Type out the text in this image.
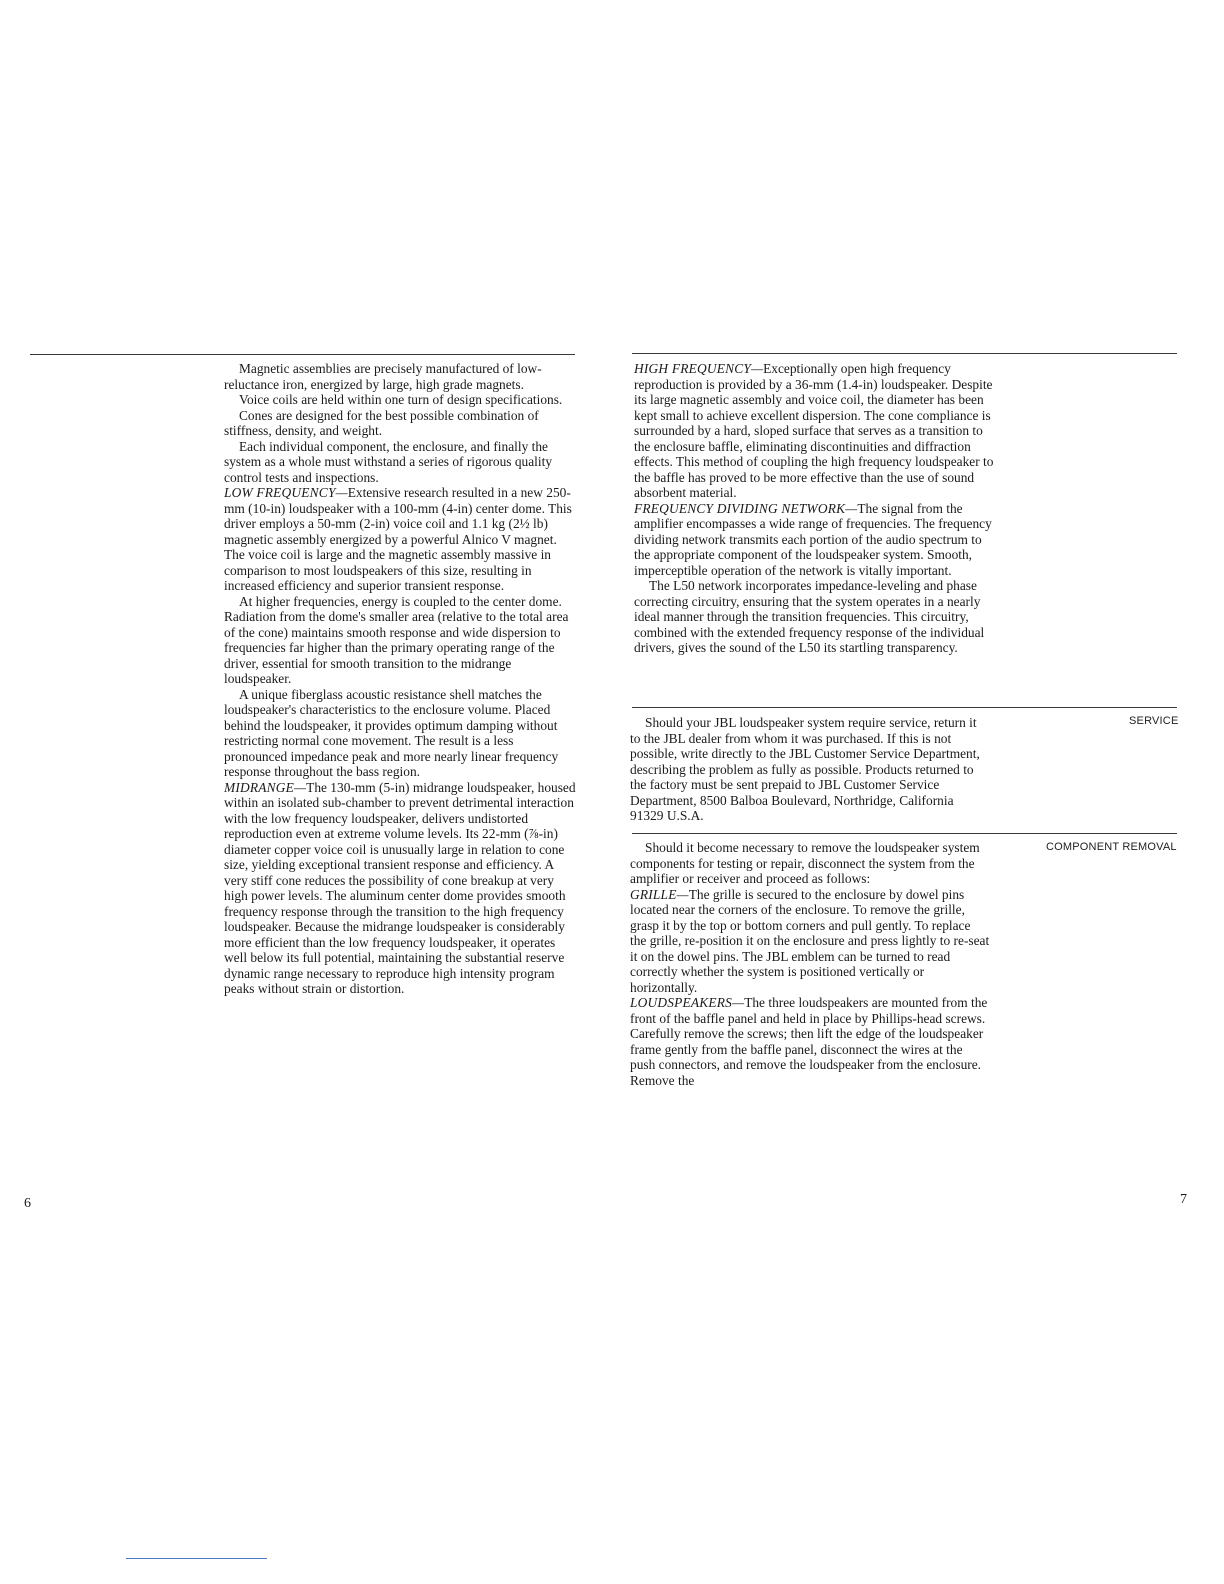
Magnetic assemblies are precisely manufactured of low-reluctance iron, energized by large, high grade magnets.

Voice coils are held within one turn of design specifications.

Cones are designed for the best possible combination of stiffness, density, and weight.

Each individual component, the enclosure, and finally the system as a whole must withstand a series of rigorous quality control tests and inspections.

LOW FREQUENCY—Extensive research resulted in a new 250-mm (10-in) loudspeaker with a 100-mm (4-in) center dome. This driver employs a 50-mm (2-in) voice coil and 1.1 kg (2½ lb) magnetic assembly energized by a powerful Alnico V magnet. The voice coil is large and the magnetic assembly massive in comparison to most loudspeakers of this size, resulting in increased efficiency and superior transient response.

At higher frequencies, energy is coupled to the center dome. Radiation from the dome's smaller area (relative to the total area of the cone) maintains smooth response and wide dispersion to frequencies far higher than the primary operating range of the driver, essential for smooth transition to the midrange loudspeaker.

A unique fiberglass acoustic resistance shell matches the loudspeaker's characteristics to the enclosure volume. Placed behind the loudspeaker, it provides optimum damping without restricting normal cone movement. The result is a less pronounced impedance peak and more nearly linear frequency response throughout the bass region.

MIDRANGE—The 130-mm (5-in) midrange loudspeaker, housed within an isolated sub-chamber to prevent detrimental interaction with the low frequency loudspeaker, delivers undistorted reproduction even at extreme volume levels. Its 22-mm (⅞-in) diameter copper voice coil is unusually large in relation to cone size, yielding exceptional transient response and efficiency. A very stiff cone reduces the possibility of cone breakup at very high power levels. The aluminum center dome provides smooth frequency response through the transition to the high frequency loudspeaker. Because the midrange loudspeaker is considerably more efficient than the low frequency loudspeaker, it operates well below its full potential, maintaining the substantial reserve dynamic range necessary to reproduce high intensity program peaks without strain or distortion.

HIGH FREQUENCY—Exceptionally open high frequency reproduction is provided by a 36-mm (1.4-in) loudspeaker. Despite its large magnetic assembly and voice coil, the diameter has been kept small to achieve excellent dispersion. The cone compliance is surrounded by a hard, sloped surface that serves as a transition to the enclosure baffle, eliminating discontinuities and diffraction effects. This method of coupling the high frequency loudspeaker to the baffle has proved to be more effective than the use of sound absorbent material.

FREQUENCY DIVIDING NETWORK—The signal from the amplifier encompasses a wide range of frequencies. The frequency dividing network transmits each portion of the audio spectrum to the appropriate component of the loudspeaker system. Smooth, imperceptible operation of the network is vitally important.

The L50 network incorporates impedance-leveling and phase correcting circuitry, ensuring that the system operates in a nearly ideal manner through the transition frequencies. This circuitry, combined with the extended frequency response of the individual drivers, gives the sound of the L50 its startling transparency.

SERVICE

Should your JBL loudspeaker system require service, return it to the JBL dealer from whom it was purchased. If this is not possible, write directly to the JBL Customer Service Department, describing the problem as fully as possible. Products returned to the factory must be sent prepaid to JBL Customer Service Department, 8500 Balboa Boulevard, Northridge, California 91329 U.S.A.

COMPONENT REMOVAL

Should it become necessary to remove the loudspeaker system components for testing or repair, disconnect the system from the amplifier or receiver and proceed as follows:

GRILLE—The grille is secured to the enclosure by dowel pins located near the corners of the enclosure. To remove the grille, grasp it by the top or bottom corners and pull gently. To replace the grille, re-position it on the enclosure and press lightly to re-seat it on the dowel pins. The JBL emblem can be turned to read correctly whether the system is positioned vertically or horizontally.

LOUDSPEAKERS—The three loudspeakers are mounted from the front of the baffle panel and held in place by Phillips-head screws. Carefully remove the screws; then lift the edge of the loudspeaker frame gently from the baffle panel, disconnect the wires at the push connectors, and remove the loudspeaker from the enclosure. Remove the

6	7
